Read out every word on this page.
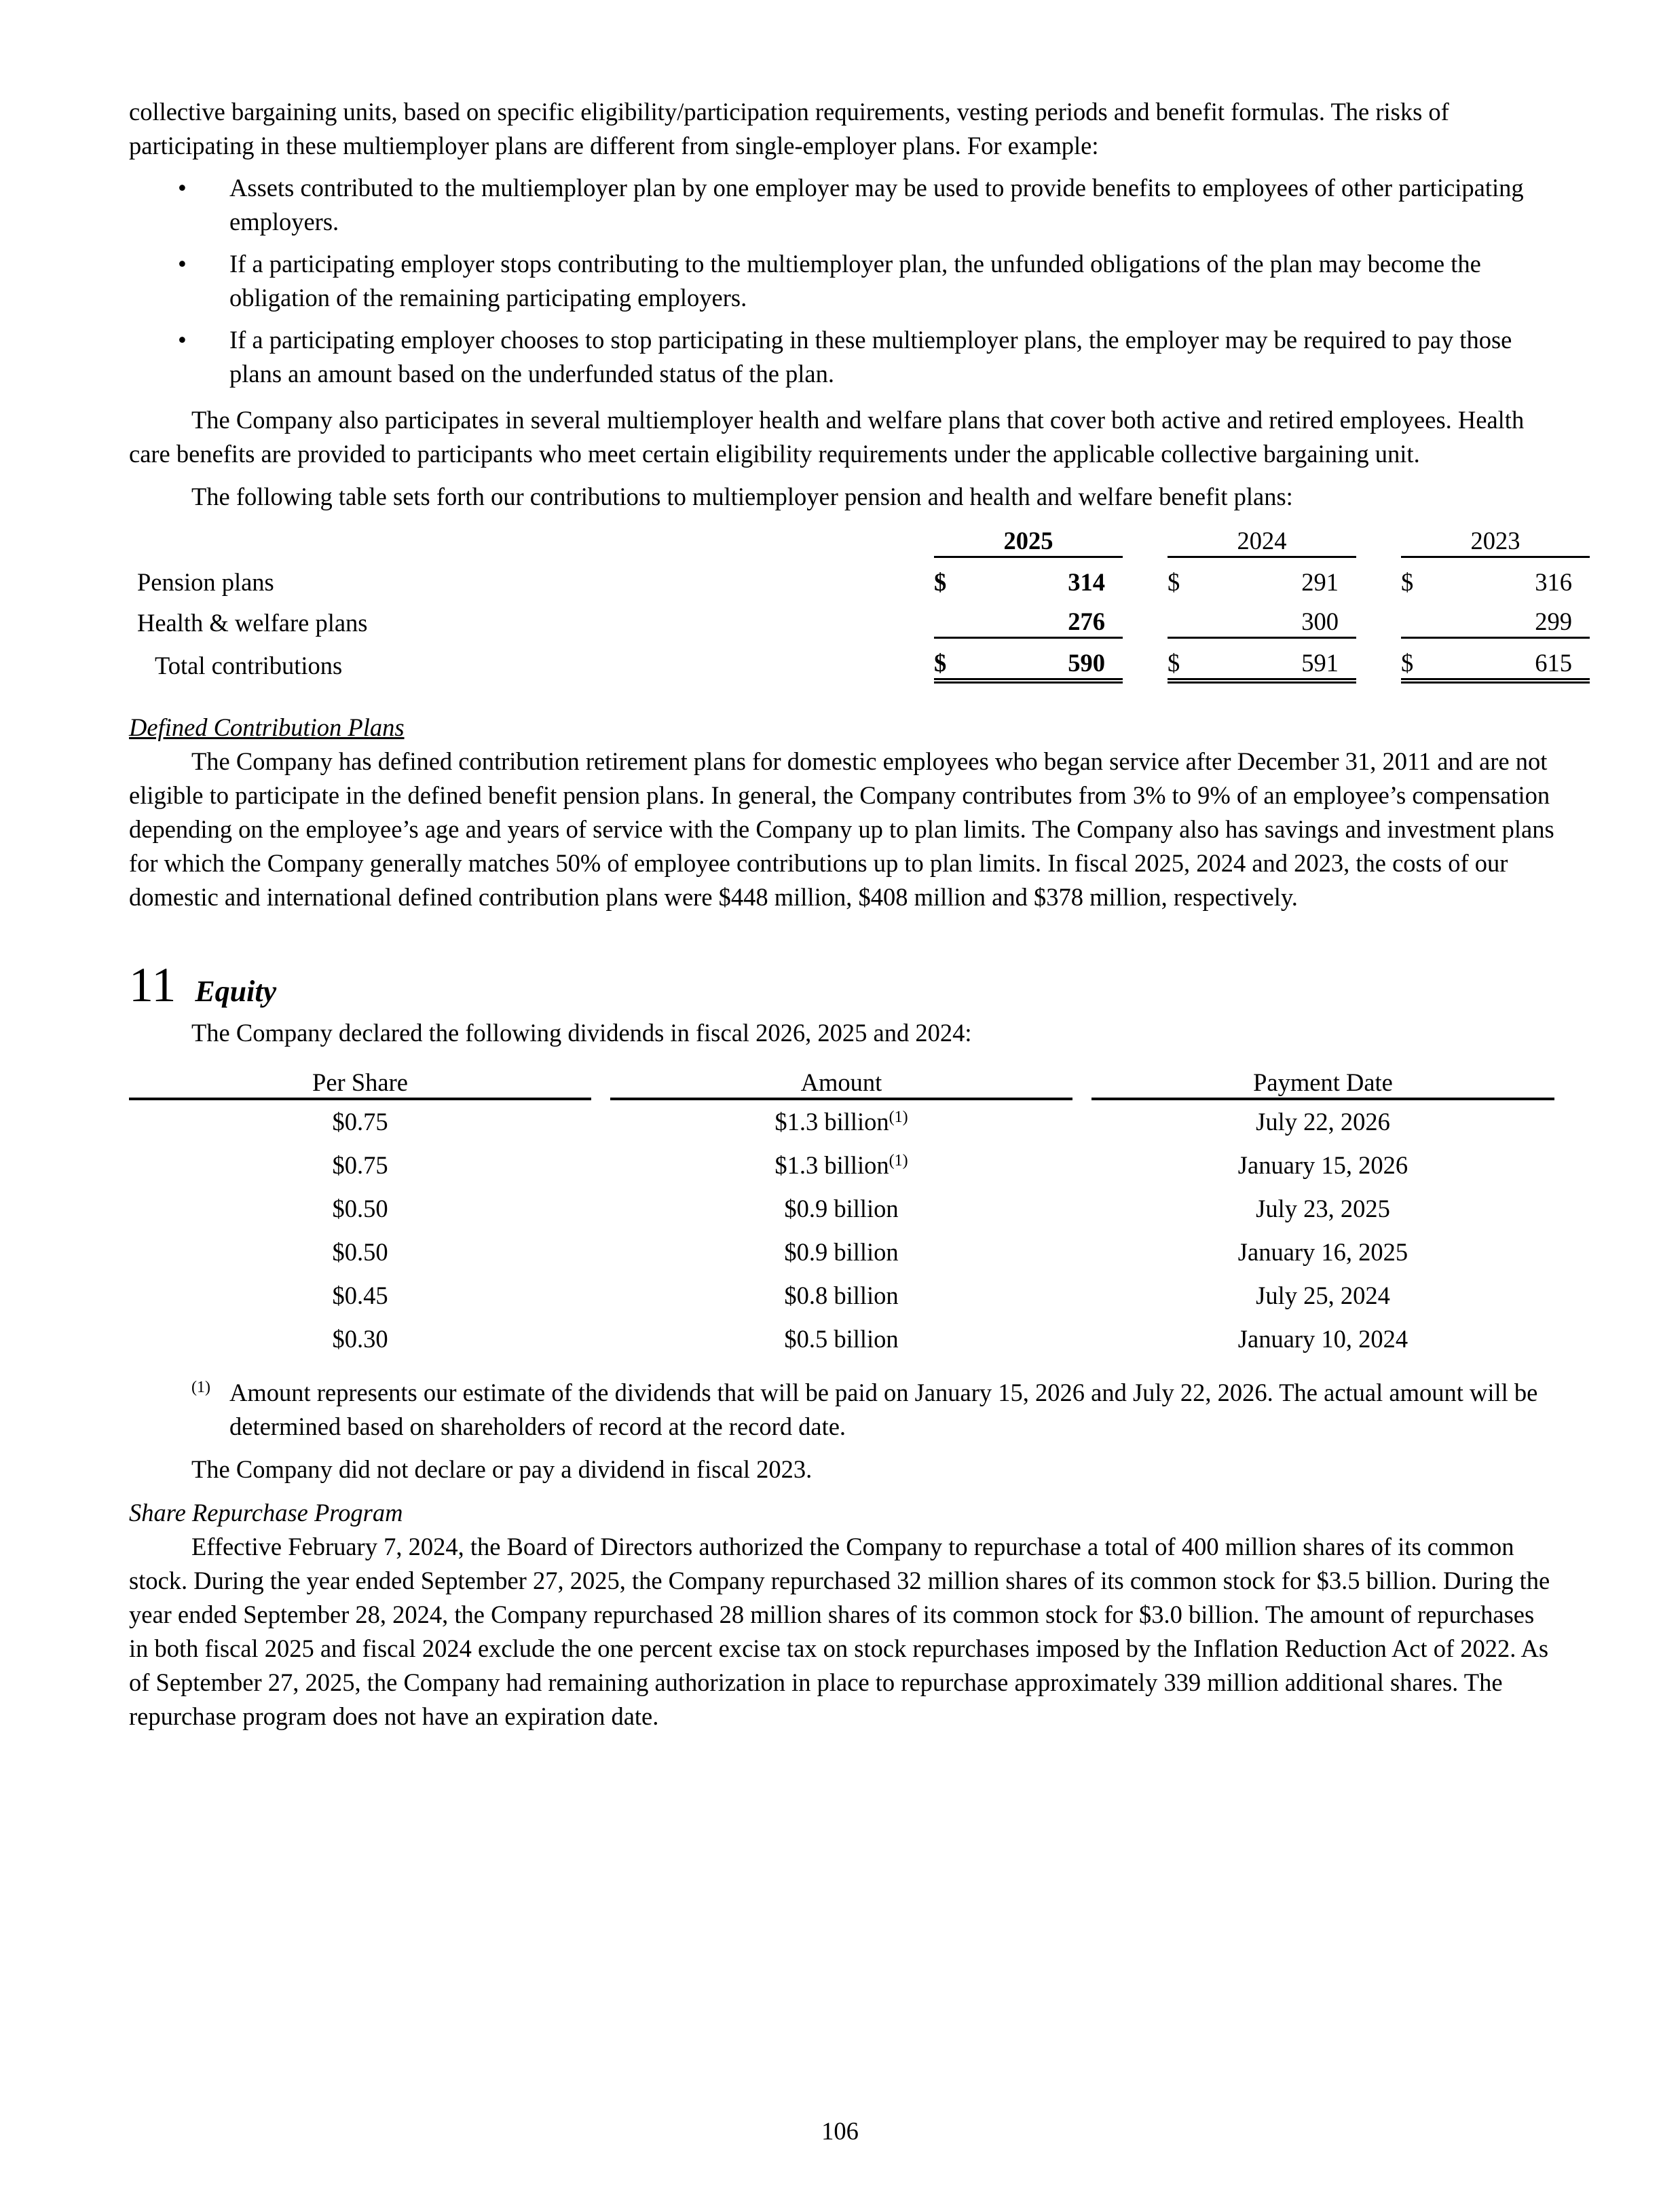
collective bargaining units, based on specific eligibility/participation requirements, vesting periods and benefit formulas. The risks of participating in these multiemployer plans are different from single-employer plans. For example:

• Assets contributed to the multiemployer plan by one employer may be used to provide benefits to employees of other participating employers.
• If a participating employer stops contributing to the multiemployer plan, the unfunded obligations of the plan may become the obligation of the remaining participating employers.
• If a participating employer chooses to stop participating in these multiemployer plans, the employer may be required to pay those plans an amount based on the underfunded status of the plan.

The Company also participates in several multiemployer health and welfare plans that cover both active and retired employees. Health care benefits are provided to participants who meet certain eligibility requirements under the applicable collective bargaining unit.

The following table sets forth our contributions to multiemployer pension and health and welfare benefit plans:

		2025			2024			2023	
Pension plans		$	314		$	291		$	316
Health & welfare plans			276			300			299
Total contributions		$	590		$	591		$	615

Defined Contribution Plans

The Company has defined contribution retirement plans for domestic employees who began service after December 31, 2011 and are not eligible to participate in the defined benefit pension plans. In general, the Company contributes from 3% to 9% of an employee’s compensation depending on the employee’s age and years of service with the Company up to plan limits. The Company also has savings and investment plans for which the Company generally matches 50% of employee contributions up to plan limits. In fiscal 2025, 2024 and 2023, the costs of our domestic and international defined contribution plans were $448 million, $408 million and $378 million, respectively.

11 Equity

The Company declared the following dividends in fiscal 2026, 2025 and 2024:

Per Share		Amount		Payment Date
$0.75		$1.3 billion$^{(1)}$		July 22, 2026
$0.75		$1.3 billion$^{(1)}$		January 15, 2026
$0.50		$0.9 billion		July 23, 2025
$0.50		$0.9 billion		January 16, 2025
$0.45		$0.8 billion		July 25, 2024
$0.30		$0.5 billion		January 10, 2024
(1) Amount represents our estimate of the dividends that will be paid on January 15, 2026 and July 22, 2026. The actual amount will be determined based on shareholders of record at the record date.

The Company did not declare or pay a dividend in fiscal 2023.

Share Repurchase Program

Effective February 7, 2024, the Board of Directors authorized the Company to repurchase a total of 400 million shares of its common stock. During the year ended September 27, 2025, the Company repurchased 32 million shares of its common stock for $3.5 billion. During the year ended September 28, 2024, the Company repurchased 28 million shares of its common stock for $3.0 billion. The amount of repurchases in both fiscal 2025 and fiscal 2024 exclude the one percent excise tax on stock repurchases imposed by the Inflation Reduction Act of 2022. As of September 27, 2025, the Company had remaining authorization in place to repurchase approximately 339 million additional shares. The repurchase program does not have an expiration date.

106
